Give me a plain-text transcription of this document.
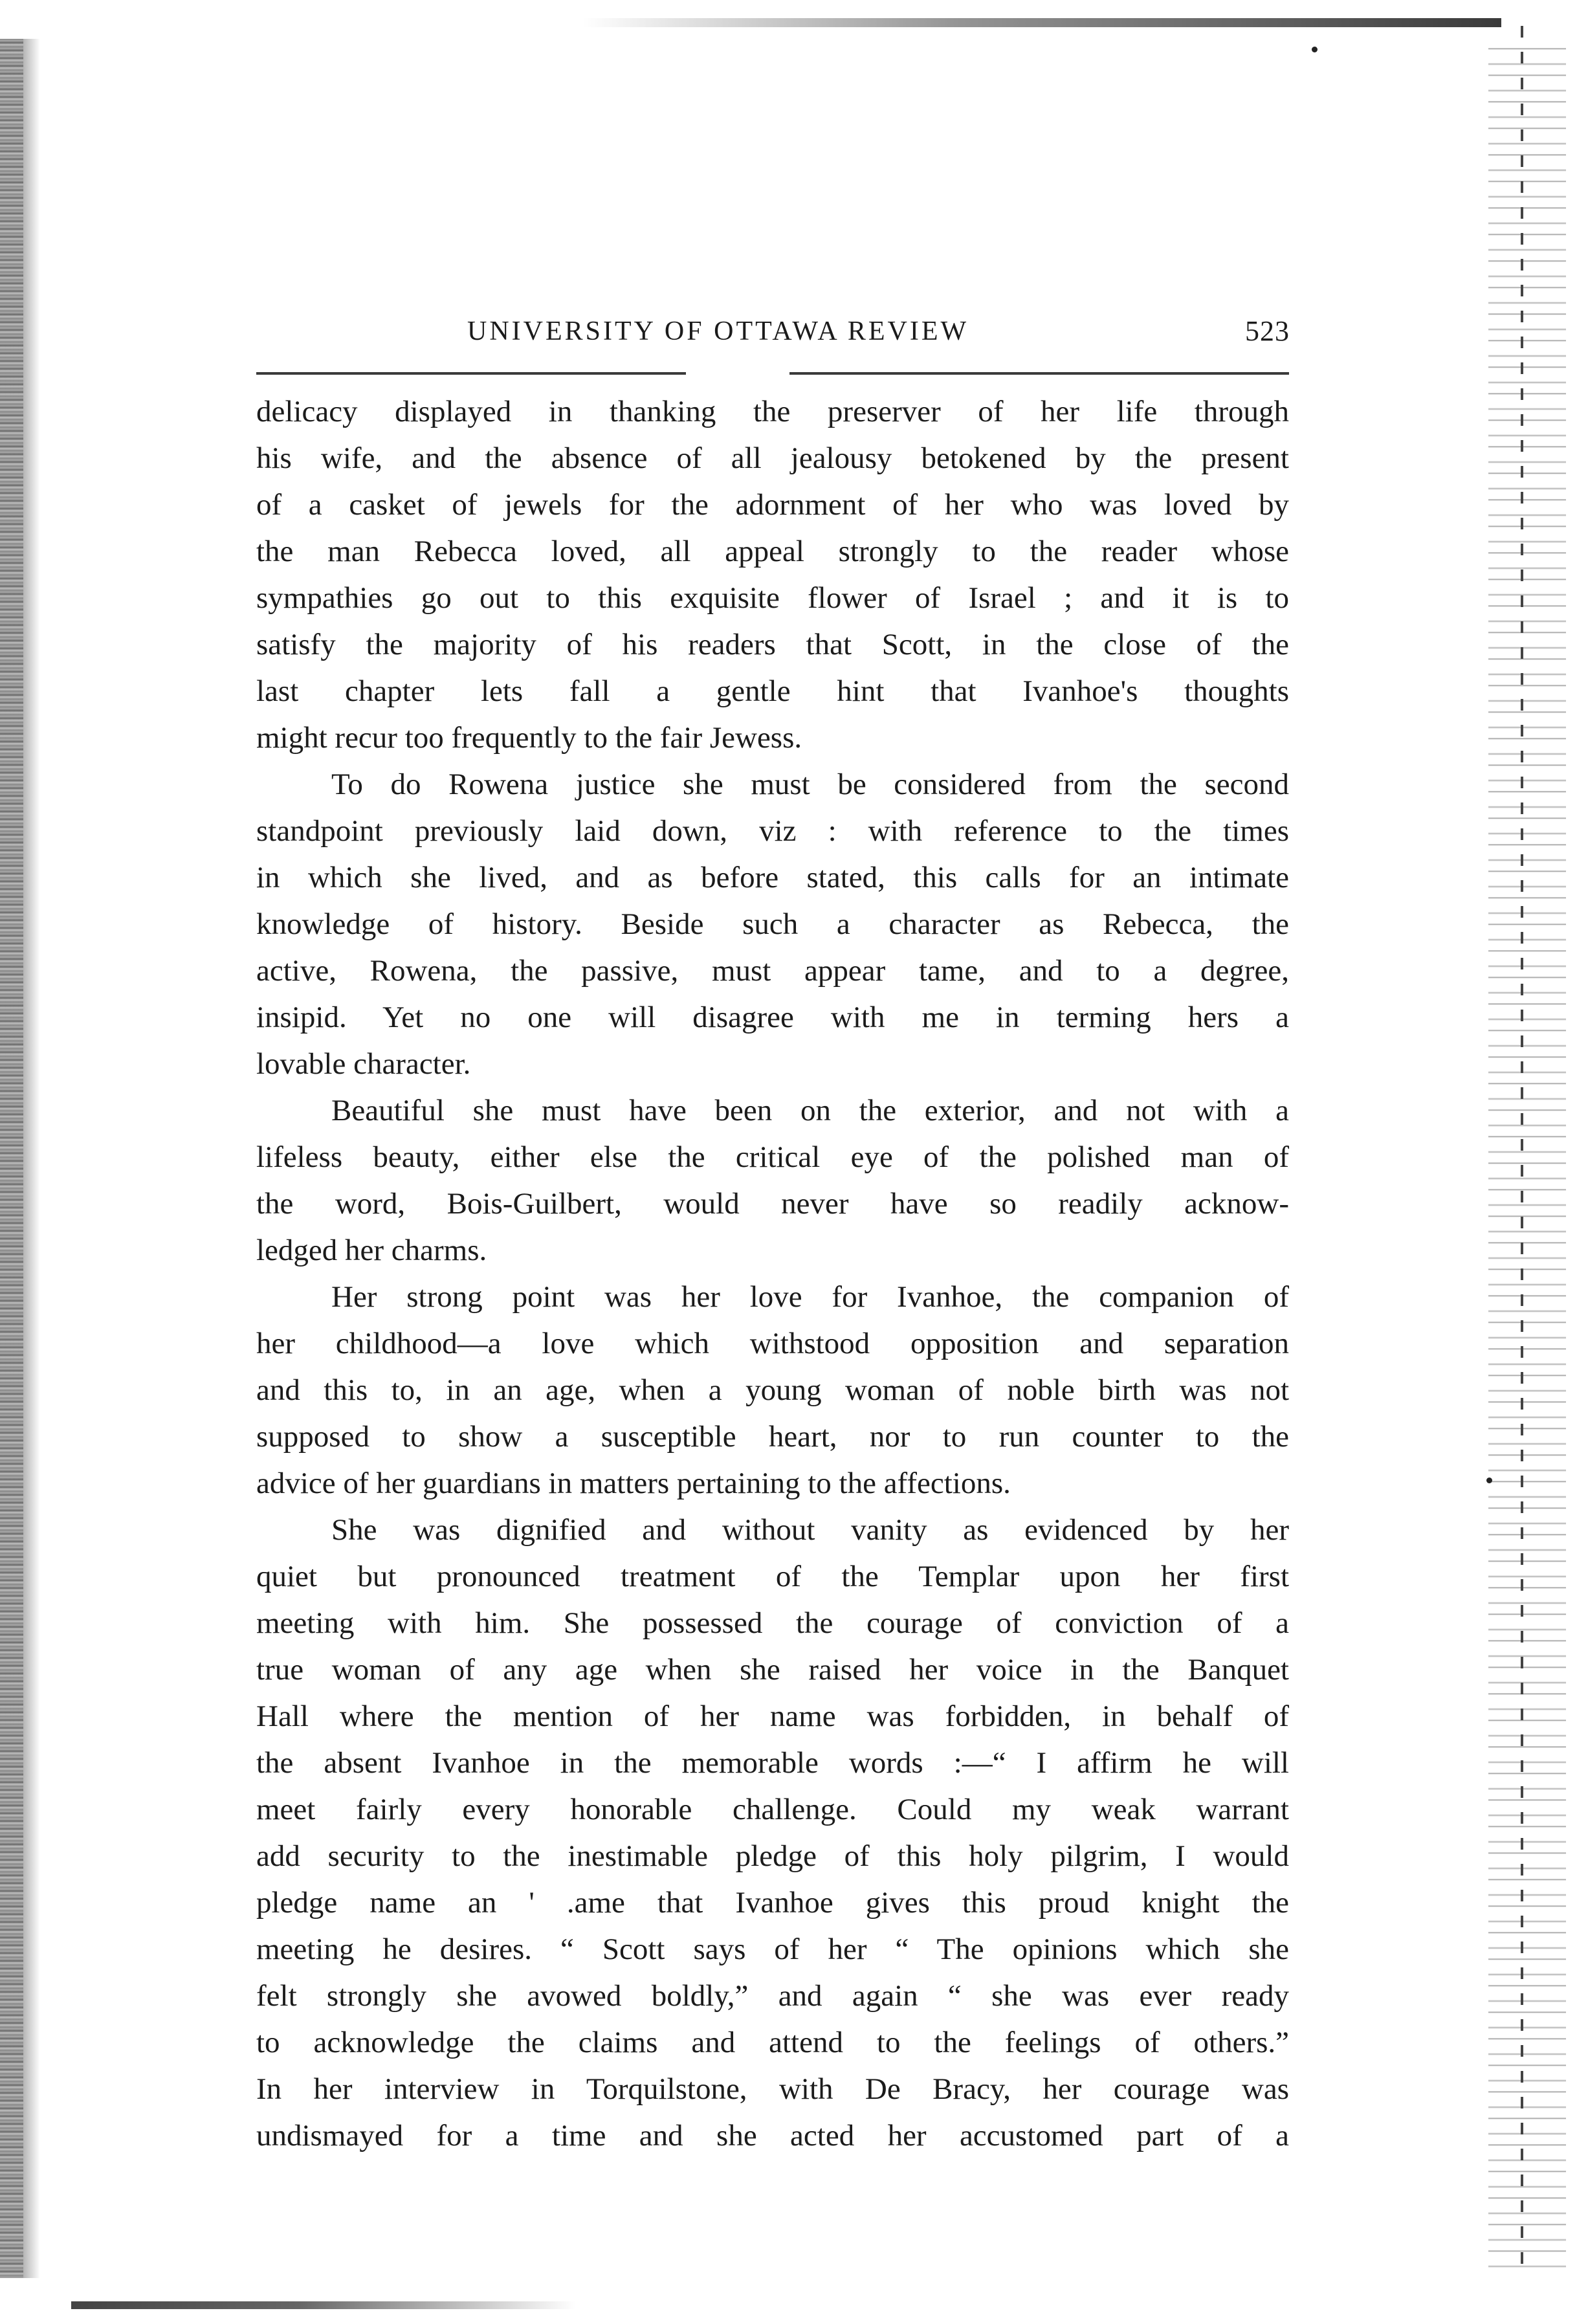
UNIVERSITY OF OTTAWA REVIEW	523
delicacy displayed in thanking the preserver of her life through
his wife, and the absence of all jealousy betokened by the present
of a casket of jewels for the adornment of her who was loved by
the man Rebecca loved, all appeal strongly to the reader whose
sympathies go out to this exquisite flower of Israel ; and it is to
satisfy the majority of his readers that Scott, in the close of the
last chapter lets fall a gentle hint that Ivanhoe's thoughts
might recur too frequently to the fair Jewess.
To do Rowena justice she must be considered from the second
standpoint previously laid down, viz : with reference to the times
in which she lived, and as before stated, this calls for an intimate
knowledge of history. Beside such a character as Rebecca, the
active, Rowena, the passive, must appear tame, and to a degree,
insipid. Yet no one will disagree with me in terming hers a
lovable character.
Beautiful she must have been on the exterior, and not with a
lifeless beauty, either else the critical eye of the polished man of
the word, Bois-Guilbert, would never have so readily acknow-
ledged her charms.
Her strong point was her love for Ivanhoe, the companion of
her childhood—a love which withstood opposition and separation
and this to, in an age, when a young woman of noble birth was not
supposed to show a susceptible heart, nor to run counter to the
advice of her guardians in matters pertaining to the affections.
She was dignified and without vanity as evidenced by her
quiet but pronounced treatment of the Templar upon her first
meeting with him. She possessed the courage of conviction of a
true woman of any age when she raised her voice in the Banquet
Hall where the mention of her name was forbidden, in behalf of
the absent Ivanhoe in the memorable words :—“ I affirm he will
meet fairly every honorable challenge. Could my weak warrant
add security to the inestimable pledge of this holy pilgrim, I would
pledge name an ' .ame that Ivanhoe gives this proud knight the
meeting he desires. “ Scott says of her “ The opinions which she
felt strongly she avowed boldly,” and again “ she was ever ready
to acknowledge the claims and attend to the feelings of others.”
In her interview in Torquilstone, with De Bracy, her courage was
undismayed for a time and she acted her accustomed part of a
